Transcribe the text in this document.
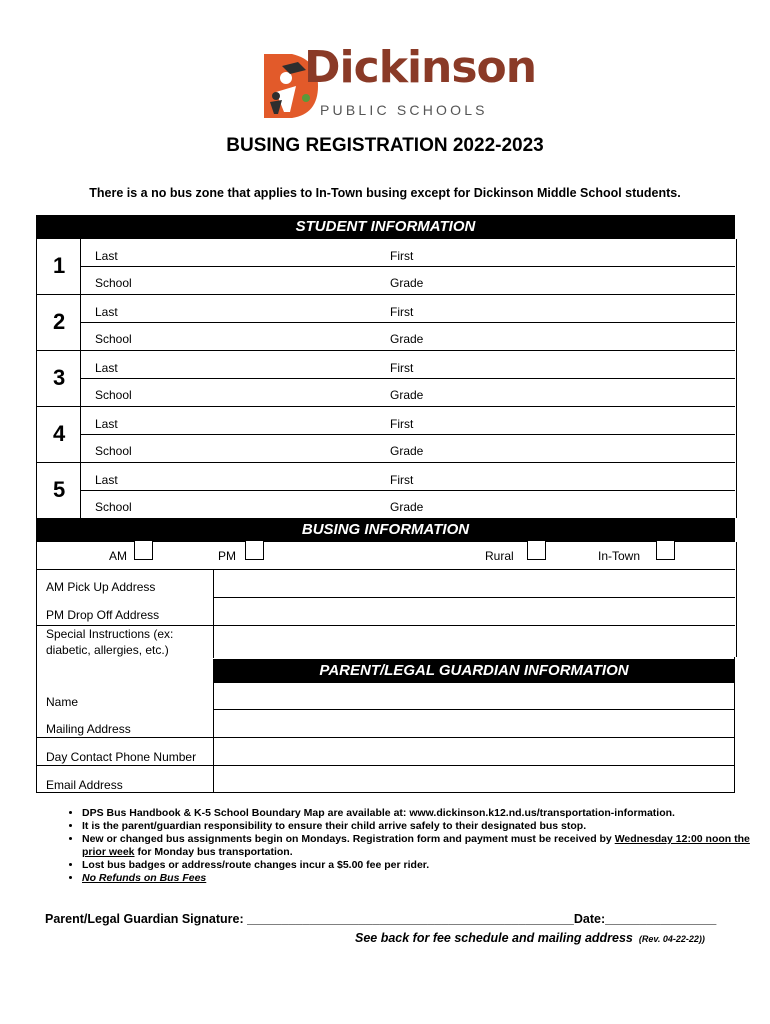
Dickinson
PUBLIC SCHOOLS
BUSING REGISTRATION 2022-2023
There is a no bus zone that applies to In-Town busing except for Dickinson Middle School students.
STUDENT INFORMATION
1 Last	First
School	Grade
2 Last	First
School	Grade
3 Last	First
School	Grade
4 Last	First
School	Grade
5 Last	First
School	Grade
BUSING INFORMATION
AM	PM	Rural	In-Town
AM Pick Up Address
PM Drop Off Address
Special Instructions (ex:
diabetic, allergies, etc.)
PARENT/LEGAL GUARDIAN INFORMATION
Name
Mailing Address
Day Contact Phone Number
Email Address
• DPS Bus Handbook & K-5 School Boundary Map are available at: www.dickinson.k12.nd.us/transportation-information.
• It is the parent/guardian responsibility to ensure their child arrive safely to their designated bus stop.
• New or changed bus assignments begin on Mondays. Registration form and payment must be received by Wednesday 12:00 noon the prior week for Monday bus transportation.
• Lost bus badges or address/route changes incur a $5.00 fee per rider.
• No Refunds on Bus Fees
Parent/Legal Guardian Signature: _______________________________________________Date:________________
See back for fee schedule and mailing address (Rev. 04-22-22))
